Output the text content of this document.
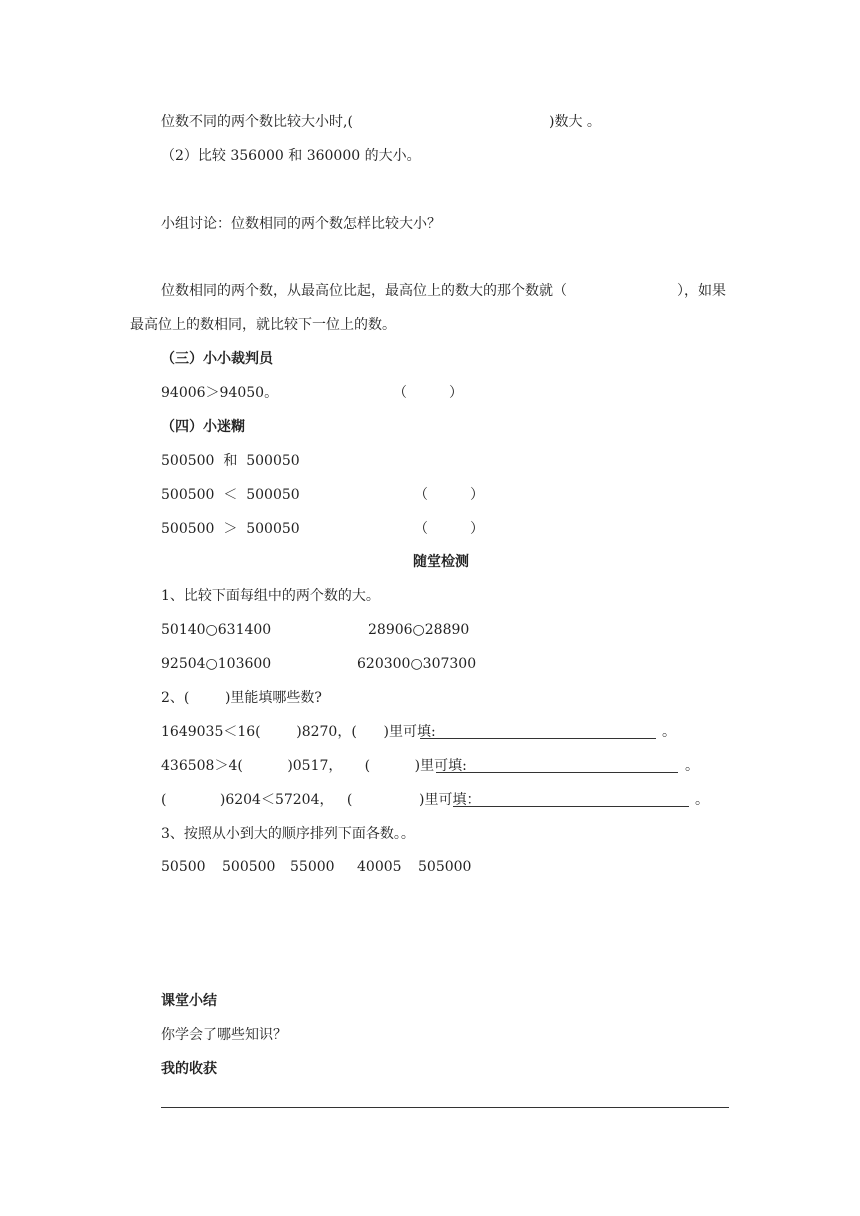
位数不同的两个数比较大小时,(	)数大 。
（2）比较 356000 和 360000 的大小。
小组讨论：位数相同的两个数怎样比较大小？
位数相同的两个数，从最高位比起，最高位上的数大的那个数就（	），如果
最高位上的数相同，就比较下一位上的数。
（三）小小裁判员
94006＞94050。	（　　　）
（四）小迷糊
500500  和  500050
500500  ＜  500050	（　　　）
500500  ＞  500050	（　　　）
随堂检测
1、比较下面每组中的两个数的大。
50140○631400	28906○28890
92504○103600	620300○307300
2、(        )里能填哪些数?
1649035＜16(        )8270，(      )里可填:	。
436508＞4(          )0517，     (          )里可填:	。
(            )6204＜57204，   (               )里可填：	。
3、按照从小到大的顺序排列下面各数。。
50500 500500 55000 40005 505000
课堂小结
你学会了哪些知识？
我的收获
